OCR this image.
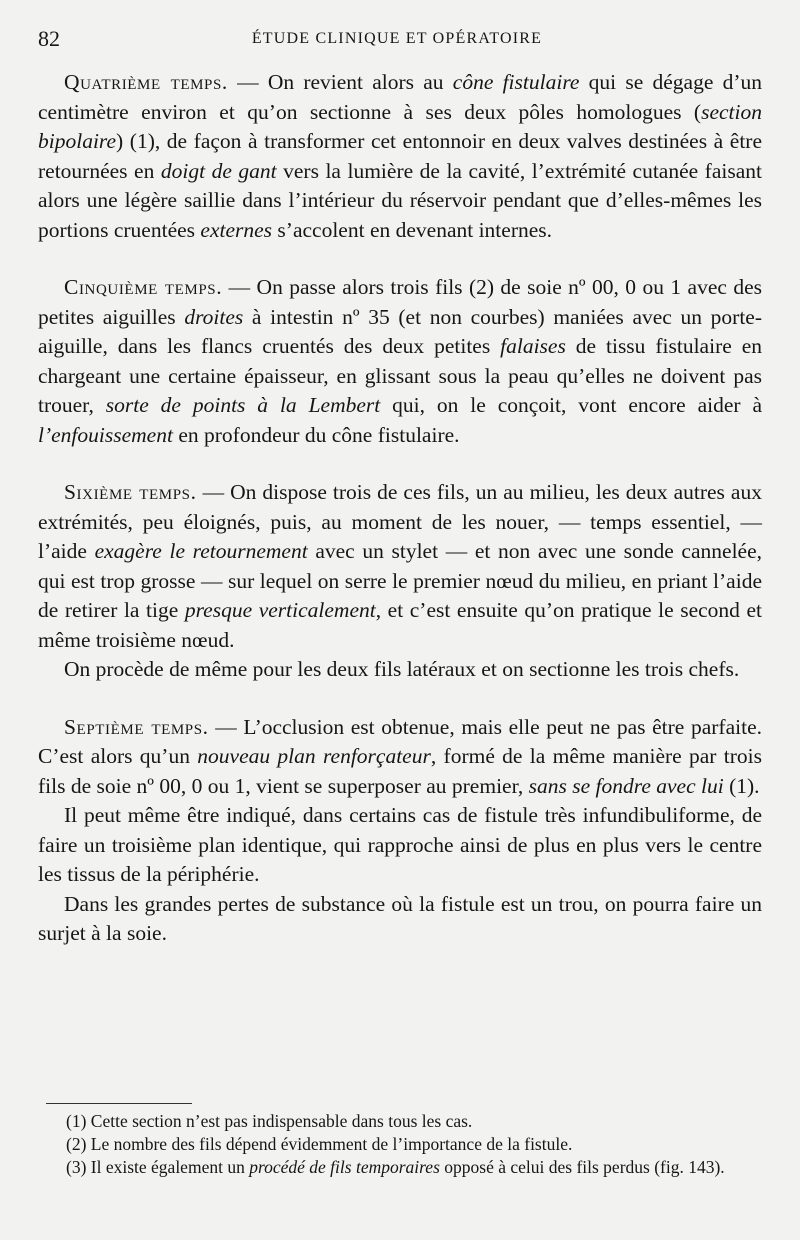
82	ÉTUDE CLINIQUE ET OPÉRATOIRE

Quatrième temps. — On revient alors au cône fistulaire qui se dégage d’un centimètre environ et qu’on sectionne à ses deux pôles homologues (section bipolaire) (1), de façon à transformer cet entonnoir en deux valves destinées à être retournées en doigt de gant vers la lumière de la cavité, l’extrémité cutanée faisant alors une légère saillie dans l’intérieur du réservoir pendant que d’elles-mêmes les portions cruentées externes s’accolent en devenant internes.

Cinquième temps. — On passe alors trois fils (2) de soie nº 00, 0 ou 1 avec des petites aiguilles droites à intestin nº 35 (et non courbes) maniées avec un porte-aiguille, dans les flancs cruentés des deux petites falaises de tissu fistulaire en chargeant une certaine épaisseur, en glissant sous la peau qu’elles ne doivent pas trouer, sorte de points à la Lembert qui, on le conçoit, vont encore aider à l’enfouissement en profondeur du cône fistulaire.

Sixième temps. — On dispose trois de ces fils, un au milieu, les deux autres aux extrémités, peu éloignés, puis, au moment de les nouer, — temps essentiel, — l’aide exagère le retournement avec un stylet — et non avec une sonde cannelée, qui est trop grosse — sur lequel on serre le premier nœud du milieu, en priant l’aide de retirer la tige presque verticalement, et c’est ensuite qu’on pratique le second et même troisième nœud.

On procède de même pour les deux fils latéraux et on sectionne les trois chefs.

Septième temps. — L’occlusion est obtenue, mais elle peut ne pas être parfaite. C’est alors qu’un nouveau plan renforçateur, formé de la même manière par trois fils de soie nº 00, 0 ou 1, vient se superposer au premier, sans se fondre avec lui (1).

Il peut même être indiqué, dans certains cas de fistule très infundibuliforme, de faire un troisième plan identique, qui rapproche ainsi de plus en plus vers le centre les tissus de la périphérie.

Dans les grandes pertes de substance où la fistule est un trou, on pourra faire un surjet à la soie.

(1) Cette section n’est pas indispensable dans tous les cas.

(2) Le nombre des fils dépend évidemment de l’importance de la fistule.

(3) Il existe également un procédé de fils temporaires opposé à celui des fils perdus (fig. 143).
